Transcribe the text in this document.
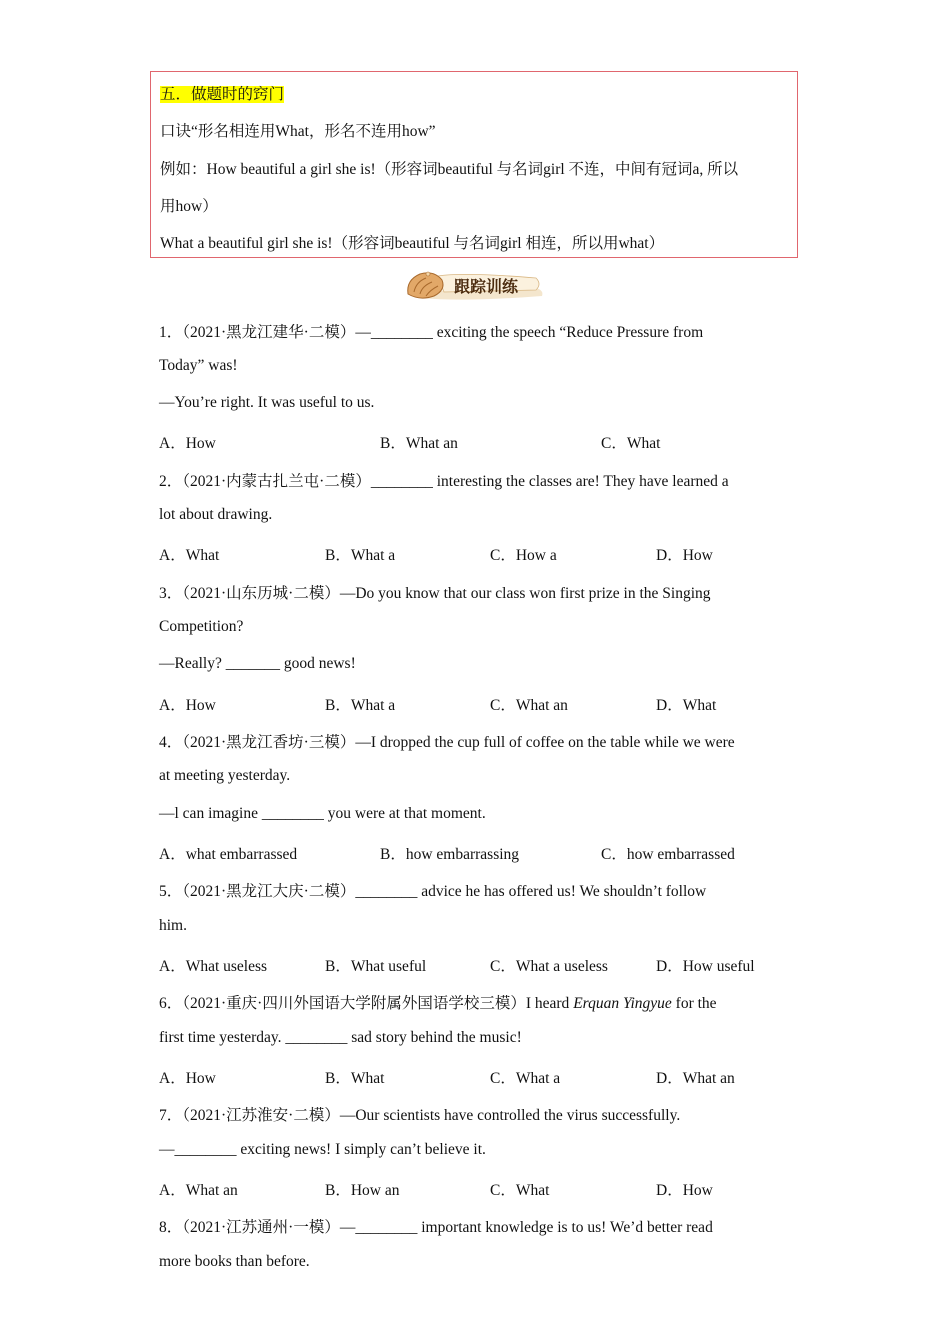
五．做题时的窍门
口诀“形名相连用What，形名不连用how”
例如：How beautiful a girl she is!（形容词beautiful 与名词girl 不连，中间有冠词a, 所以
用how）
What a beautiful girl she is!（形容词beautiful 与名词girl 相连，所以用what）
跟踪训练
1．（2021·黑龙江建华·二模）—________ exciting the speech “Reduce Pressure from
Today” was!
—You’re right. It was useful to us.
A．How	B．What an	C．What
2．（2021·内蒙古扎兰屯·二模）________ interesting the classes are! They have learned a
lot about drawing.
A．What	B．What a	C．How a	D．How
3．（2021·山东历城·二模）—Do you know that our class won first prize in the Singing
Competition?
—Really? _______ good news!
A．How	B．What a	C．What an	D．What
4．（2021·黑龙江香坊·三模）—I dropped the cup full of coffee on the table while we were
at meeting yesterday.
—l can imagine ________ you were at that moment.
A．what embarrassed	B．how embarrassing	C．how embarrassed
5．（2021·黑龙江大庆·二模）________ advice he has offered us! We shouldn’t follow
him.
A．What useless	B．What useful	C．What a useless	D．How useful
6．（2021·重庆·四川外国语大学附属外国语学校三模）I heard Erquan Yingyue for the
first time yesterday. ________ sad story behind the music!
A．How	B．What	C．What a	D．What an
7．（2021·江苏淮安·二模）—Our scientists have controlled the virus successfully.
—________ exciting news! I simply can’t believe it.
A．What an	B．How an	C．What	D．How
8．（2021·江苏通州·一模）—________ important knowledge is to us! We’d better read
more books than before.
